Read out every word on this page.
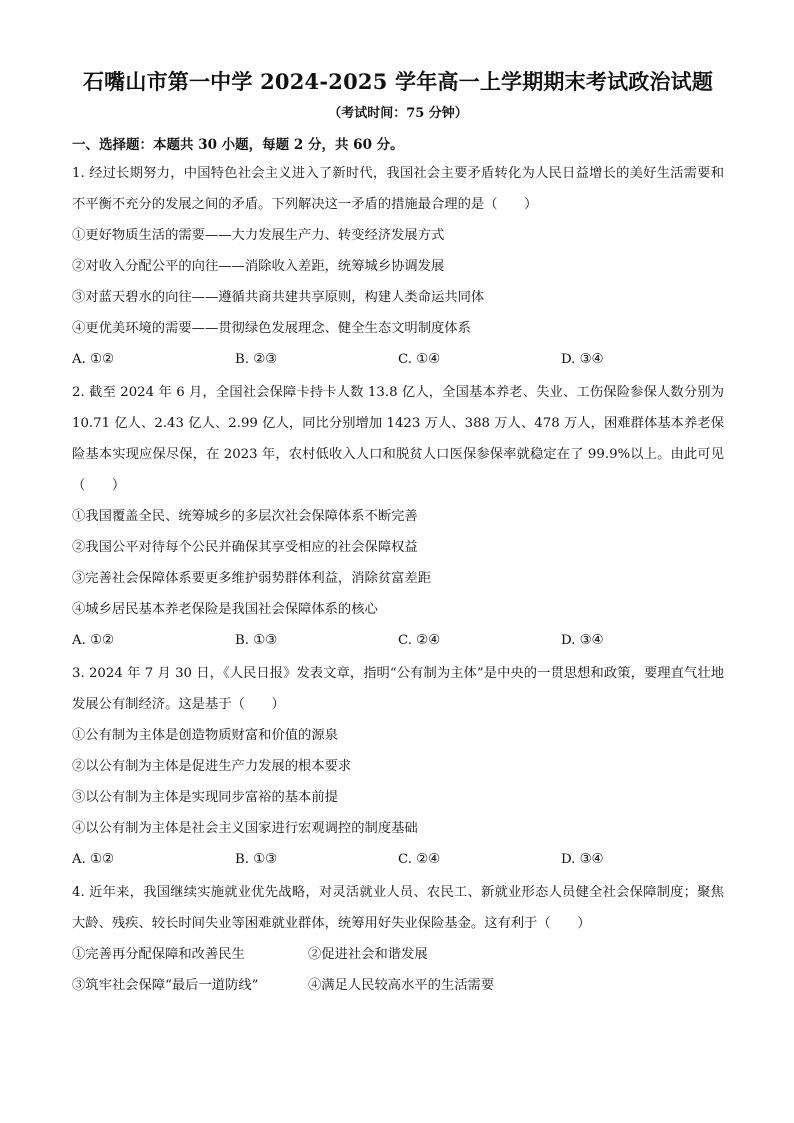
石嘴山市第一中学 2024-2025 学年高一上学期期末考试政治试题
（考试时间：75 分钟）
一、选择题：本题共 30 小题，每题 2 分，共 60 分。
1. 经过长期努力，中国特色社会主义进入了新时代，我国社会主要矛盾转化为人民日益增长的美好生活需要和不平衡不充分的发展之间的矛盾。下列解决这一矛盾的措施最合理的是（　　）
①更好物质生活的需要——大力发展生产力、转变经济发展方式
②对收入分配公平的向往——消除收入差距，统筹城乡协调发展
③对蓝天碧水的向往——遵循共商共建共享原则，构建人类命运共同体
④更优美环境的需要——贯彻绿色发展理念、健全生态文明制度体系
A. ①②	B. ②③	C. ①④	D. ③④
2. 截至 2024 年 6 月，全国社会保障卡持卡人数 13.8 亿人，全国基本养老、失业、工伤保险参保人数分别为 10.71 亿人、2.43 亿人、2.99 亿人，同比分别增加 1423 万人、388 万人、478 万人，困难群体基本养老保险基本实现应保尽保，在 2023 年，农村低收入人口和脱贫人口医保参保率就稳定在了 99.9%以上。由此可见（　　）
①我国覆盖全民、统筹城乡的多层次社会保障体系不断完善
②我国公平对待每个公民并确保其享受相应的社会保障权益
③完善社会保障体系要更多维护弱势群体利益，消除贫富差距
④城乡居民基本养老保险是我国社会保障体系的核心
A. ①②	B. ①③	C. ②④	D. ③④
3. 2024 年 7 月 30 日，《人民日报》发表文章，指明“公有制为主体”是中央的一贯思想和政策，要理直气壮地发展公有制经济。这是基于（　　）
①公有制为主体是创造物质财富和价值的源泉
②以公有制为主体是促进生产力发展的根本要求
③以公有制为主体是实现同步富裕的基本前提
④以公有制为主体是社会主义国家进行宏观调控的制度基础
A. ①②	B. ①③	C. ②④	D. ③④
4. 近年来，我国继续实施就业优先战略，对灵活就业人员、农民工、新就业形态人员健全社会保障制度；聚焦大龄、残疾、较长时间失业等困难就业群体，统筹用好失业保险基金。这有利于（　　）
①完善再分配保障和改善民生	②促进社会和谐发展
③筑牢社会保障“最后一道防线”	④满足人民较高水平的生活需要
